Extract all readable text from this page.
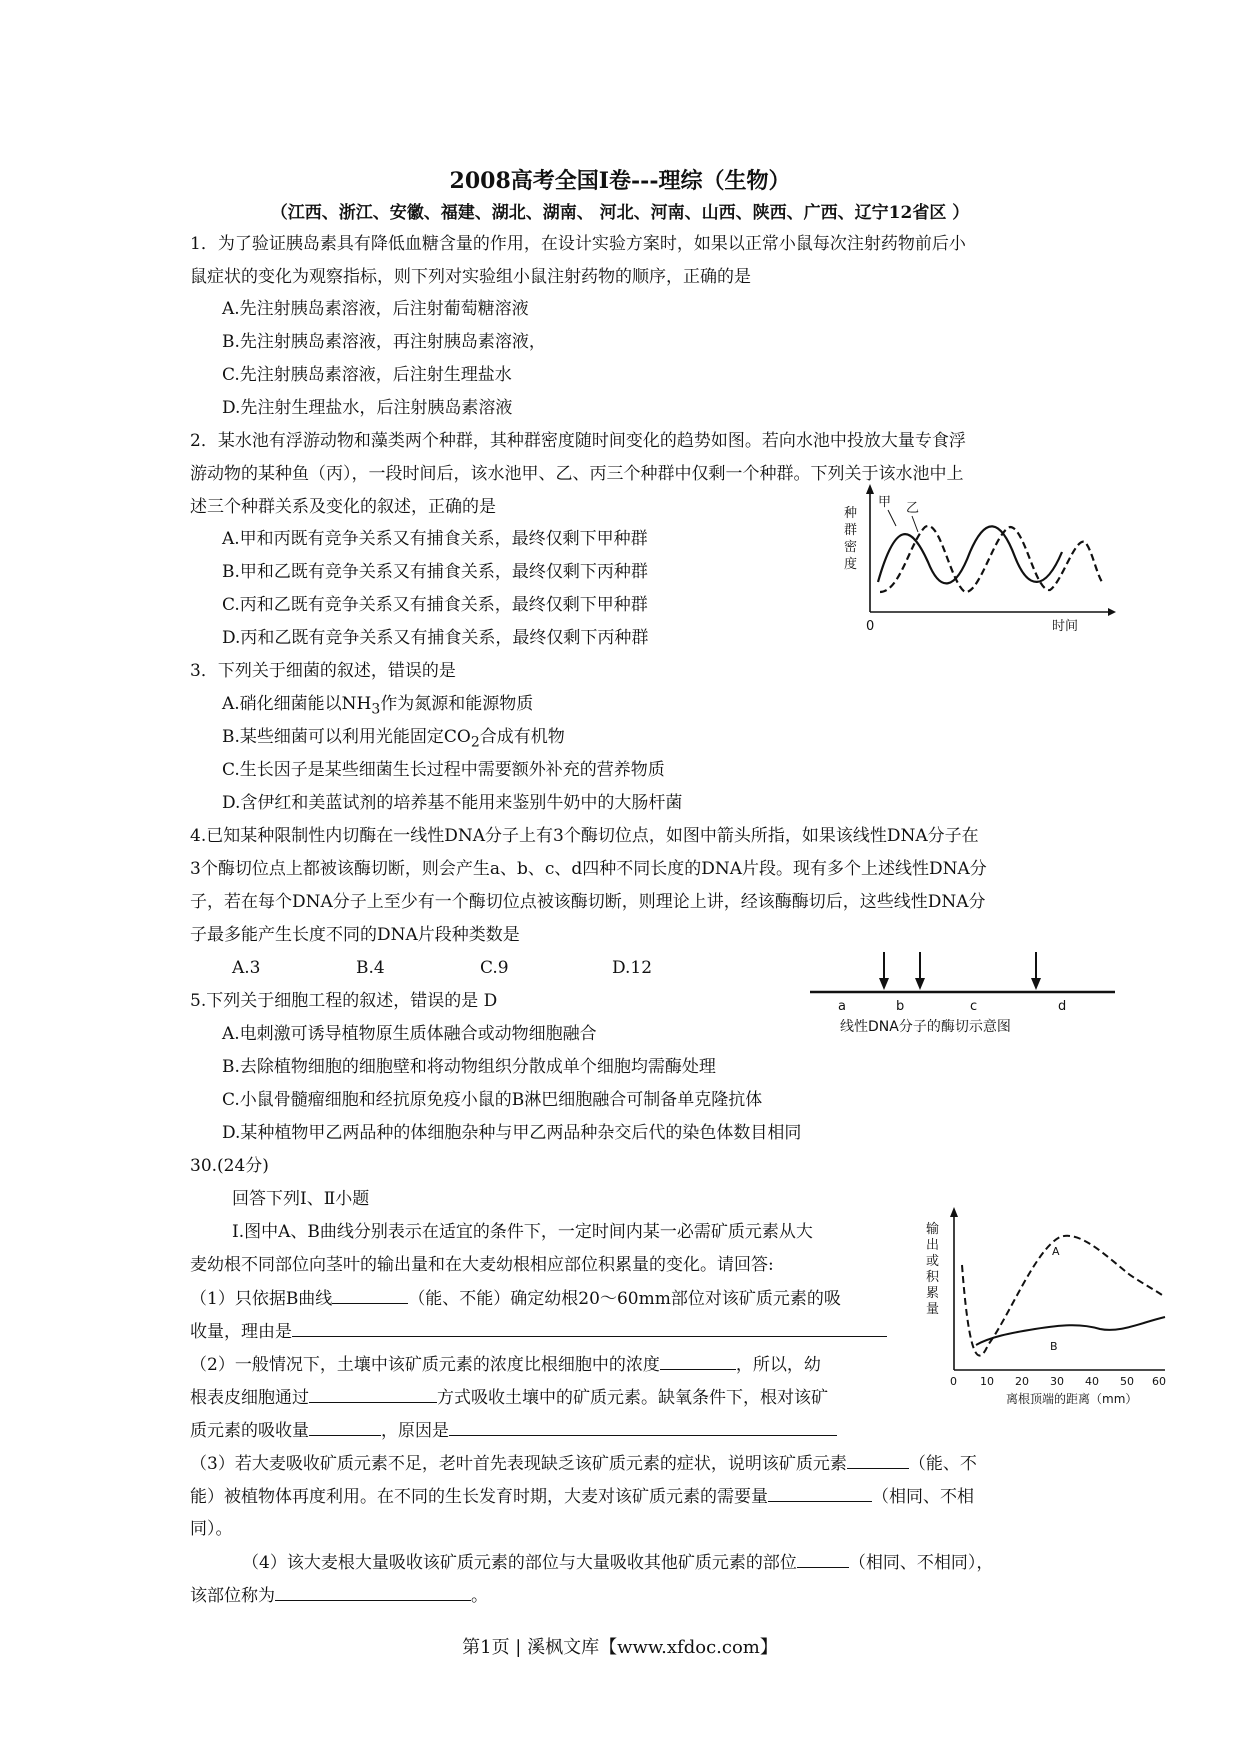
2008高考全国Ⅰ卷---理综（生物）
（江西、浙江、安徽、福建、湖北、湖南、 河北、河南、山西、陕西、广西、辽宁12省区 ）
1．为了验证胰岛素具有降低血糖含量的作用，在设计实验方案时，如果以正常小鼠每次注射药物前后小
鼠症状的变化为观察指标，则下列对实验组小鼠注射药物的顺序，正确的是
A.先注射胰岛素溶液，后注射葡萄糖溶液
B.先注射胰岛素溶液，再注射胰岛素溶液，
C.先注射胰岛素溶液，后注射生理盐水
D.先注射生理盐水，后注射胰岛素溶液
2．某水池有浮游动物和藻类两个种群，其种群密度随时间变化的趋势如图。若向水池中投放大量专食浮
游动物的某种鱼（丙），一段时间后，该水池甲、乙、丙三个种群中仅剩一个种群。下列关于该水池中上
述三个种群关系及变化的叙述，正确的是
A.甲和丙既有竞争关系又有捕食关系，最终仅剩下甲种群
B.甲和乙既有竞争关系又有捕食关系，最终仅剩下丙种群
C.丙和乙既有竞争关系又有捕食关系，最终仅剩下甲种群
D.丙和乙既有竞争关系又有捕食关系，最终仅剩下丙种群
种
群
密
度
甲 乙
0	时间
3．下列关于细菌的叙述，错误的是
A.硝化细菌能以$NH_3$作为氮源和能源物质
B.某些细菌可以利用光能固定$CO_2$合成有机物
C.生长因子是某些细菌生长过程中需要额外补充的营养物质
D.含伊红和美蓝试剂的培养基不能用来鉴别牛奶中的大肠杆菌
4.已知某种限制性内切酶在一线性DNA分子上有3个酶切位点，如图中箭头所指，如果该线性DNA分子在
3个酶切位点上都被该酶切断，则会产生a、b、c、d四种不同长度的DNA片段。现有多个上述线性DNA分
子，若在每个DNA分子上至少有一个酶切位点被该酶切断，则理论上讲，经该酶酶切后，这些线性DNA分
子最多能产生长度不同的DNA片段种类数是
A.3	B.4	C.9	D.12
a	b	c	d
线性DNA分子的酶切示意图
5.下列关于细胞工程的叙述，错误的是 D
A.电刺激可诱导植物原生质体融合或动物细胞融合
B.去除植物细胞的细胞壁和将动物组织分散成单个细胞均需酶处理
C.小鼠骨髓瘤细胞和经抗原免疫小鼠的B淋巴细胞融合可制备单克隆抗体
D.某种植物甲乙两品种的体细胞杂种与甲乙两品种杂交后代的染色体数目相同
30.(24分)
回答下列Ⅰ、Ⅱ小题
Ⅰ.图中A、B曲线分别表示在适宜的条件下，一定时间内某一必需矿质元素从大
麦幼根不同部位向茎叶的输出量和在大麦幼根相应部位积累量的变化。请回答:
（1）只依据B曲线	（能、不能）确定幼根20～60mm部位对该矿质元素的吸
收量，理由是
（2）一般情况下，土壤中该矿质元素的浓度比根细胞中的浓度	，所以，幼
根表皮细胞通过	方式吸收土壤中的矿质元素。缺氧条件下，根对该矿
质元素的吸收量	，原因是
（3）若大麦吸收矿质元素不足，老叶首先表现缺乏该矿质元素的症状，说明该矿质元素	（能、不
能）被植物体再度利用。在不同的生长发育时期，大麦对该矿质元素的需要量	（相同、不相
同）。
（4）该大麦根大量吸收该矿质元素的部位与大量吸收其他矿质元素的部位	（相同、不相同），
该部位称为	。
输
出
或
积
累
量
A
B
0 10 20 30 40 50 60
离根顶端的距离（mm）
第1页 | 溪枫文库【www.xfdoc.com】
